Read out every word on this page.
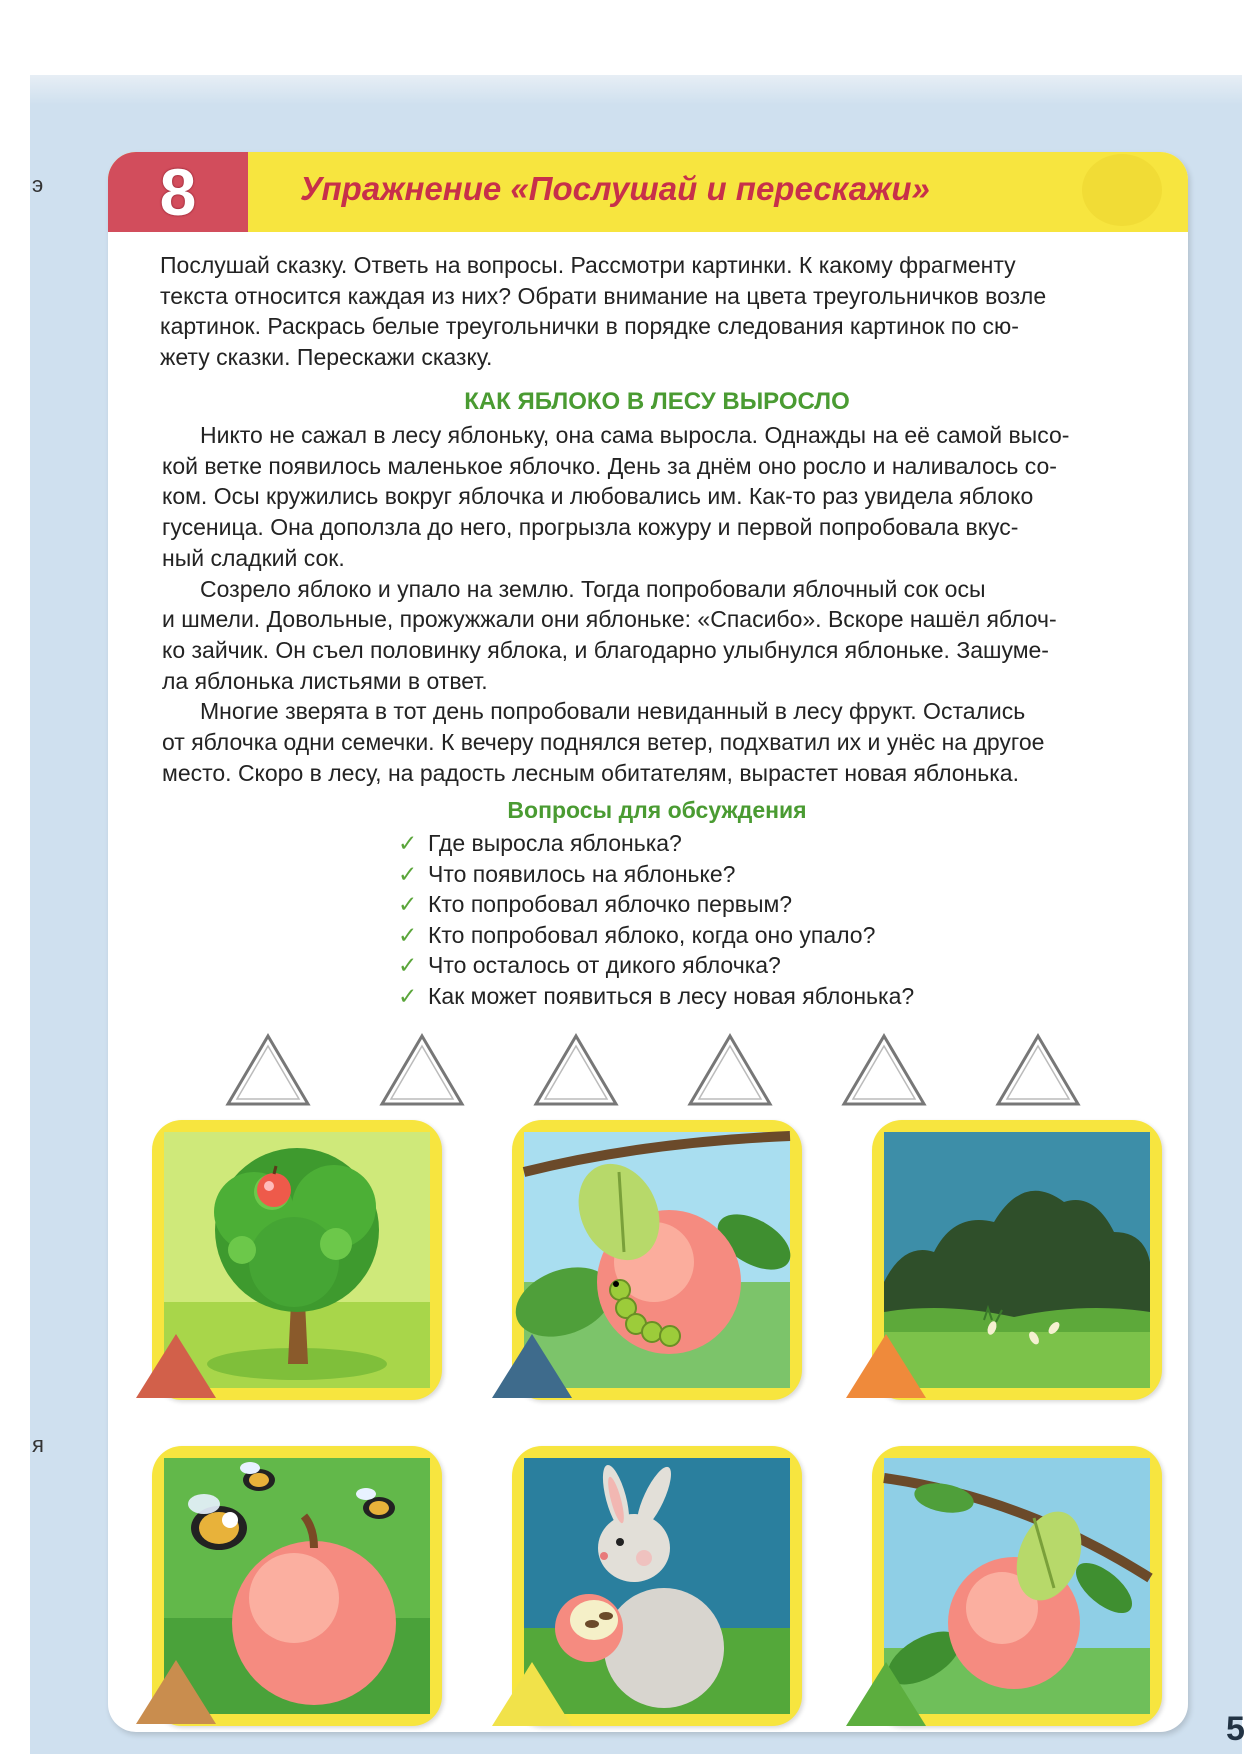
э
я
8	Упражнение «Послушай и перескажи»
Послушай сказку. Ответь на вопросы. Рассмотри картинки. К какому фрагменту
текста относится каждая из них? Обрати внимание на цвета треугольничков возле
картинок. Раскрась белые треугольнички в порядке следования картинок по сю-
жету сказки. Перескажи сказку.
КАК ЯБЛОКО В ЛЕСУ ВЫРОСЛО

Никто не сажал в лесу яблоньку, она сама выросла. Однажды на её самой высо-
кой ветке появилось маленькое яблочко. День за днём оно росло и наливалось со-
ком. Осы кружились вокруг яблочка и любовались им. Как-то раз увидела яблоко
гусеница. Она доползла до него, прогрызла кожуру и первой попробовала вкус-
ный сладкий сок.

Созрело яблоко и упало на землю. Тогда попробовали яблочный сок осы
и шмели. Довольные, прожужжали они яблоньке: «Спасибо». Вскоре нашёл яблоч-
ко зайчик. Он съел половинку яблока, и благодарно улыбнулся яблоньке. Зашуме-
ла яблонька листьями в ответ.

Многие зверята в тот день попробовали невиданный в лесу фрукт. Остались
от яблочка одни семечки. К вечеру поднялся ветер, подхватил их и унёс на другое
место. Скоро в лесу, на радость лесным обитателям, вырастет новая яблонька.

Вопросы для обсуждения
✓ Где выросла яблонька?
✓ Что появилось на яблоньке?
✓ Кто попробовал яблочко первым?
✓ Кто попробовал яблоко, когда оно упало?
✓ Что осталось от дикого яблочка?
✓ Как может появиться в лесу новая яблонька?
5
